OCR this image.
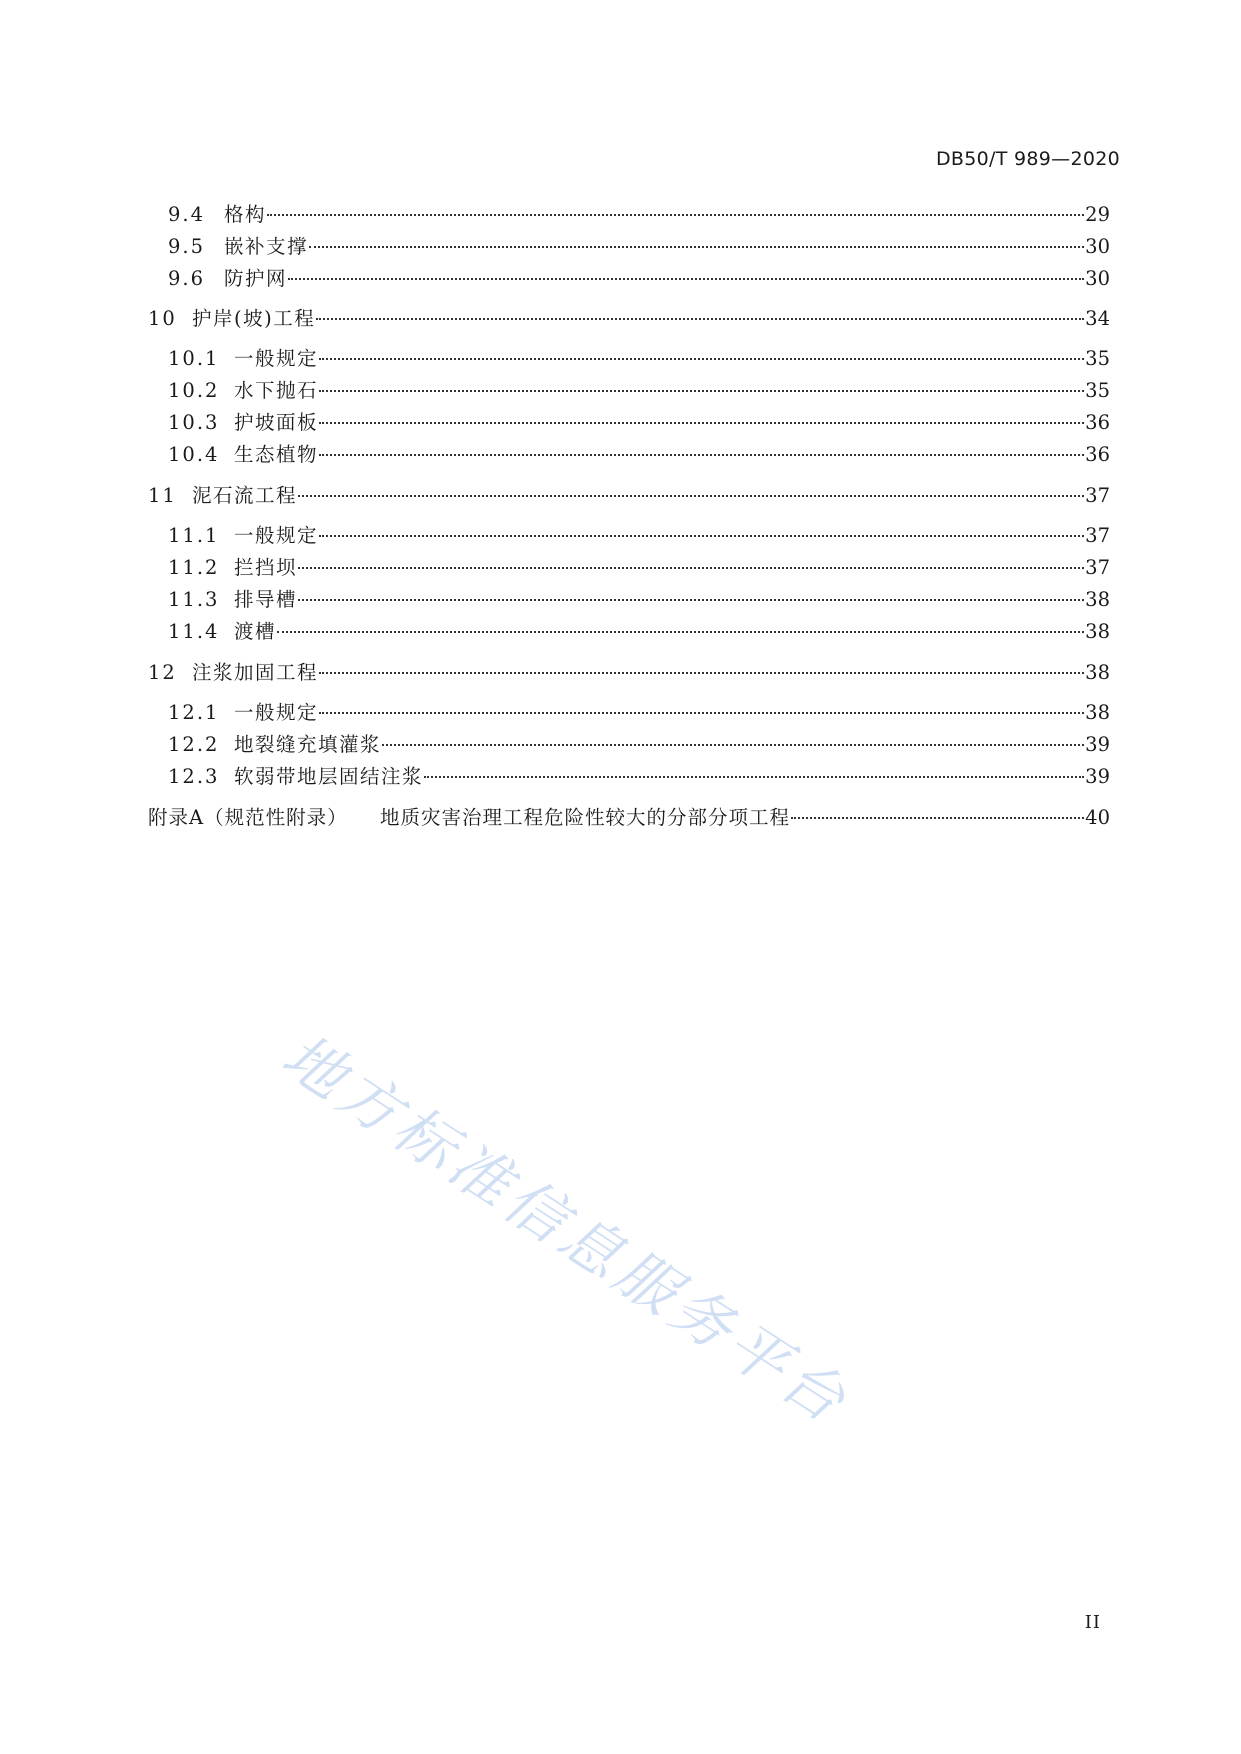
DB50/T 989—2020
9.4 格构	29
9.5 嵌补支撑	30
9.6 防护网	30
10 护岸(坡)工程	34
10.1 一般规定	35
10.2 水下抛石	35
10.3 护坡面板	36
10.4 生态植物	36
11 泥石流工程	37
11.1 一般规定	37
11.2 拦挡坝	37
11.3 排导槽	38
11.4 渡槽	38
12 注浆加固工程	38
12.1 一般规定	38
12.2 地裂缝充填灌浆	39
12.3 软弱带地层固结注浆	39
附录A（规范性附录）	地质灾害治理工程危险性较大的分部分项工程	40
地方标准信息服务平台
II
